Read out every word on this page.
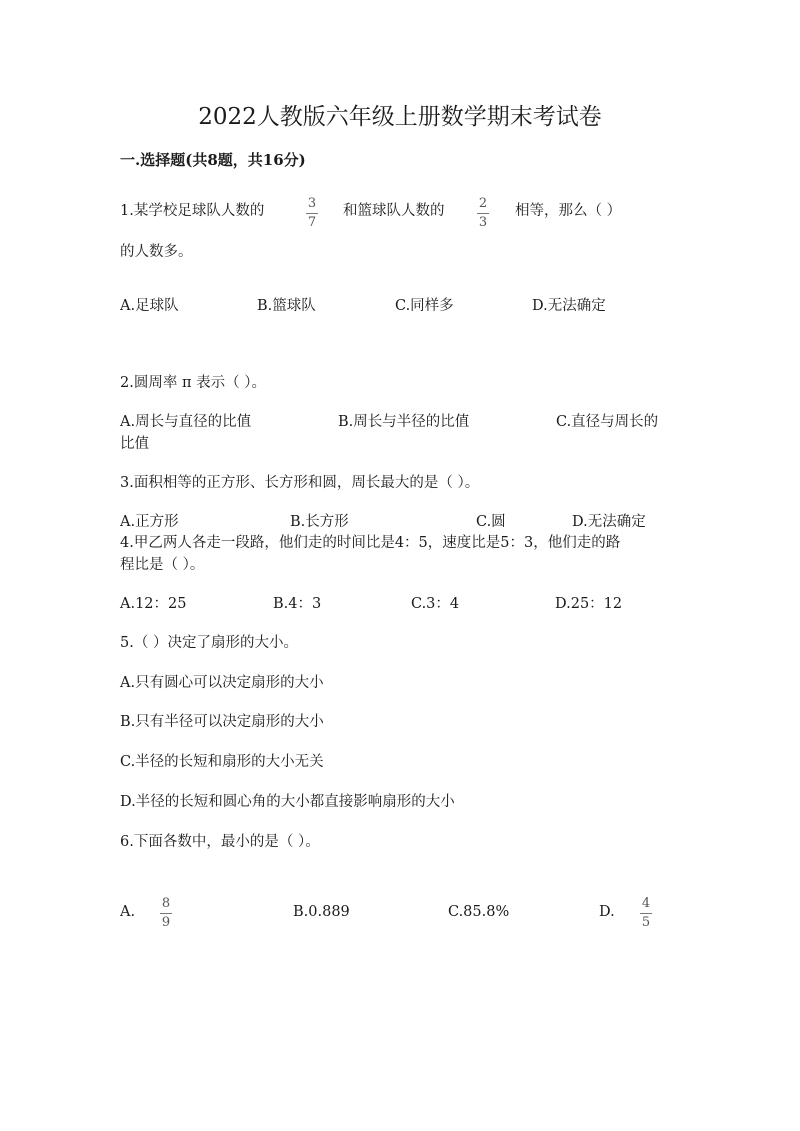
2022人教版六年级上册数学期末考试卷
一.选择题(共8题，共16分)
1.某学校足球队人数的	3
7
和篮球队人数的	2
3
相等，那么（ ）
的人数多。
A.足球队	B.篮球队	C.同样多	D.无法确定
2.圆周率 π 表示（ ）。
A.周长与直径的比值	B.周长与半径的比值	C.直径与周长的
比值
3.面积相等的正方形、长方形和圆，周长最大的是（ ）。
A.正方形	B.长方形	C.圆	D.无法确定
4.甲乙两人各走一段路，他们走的时间比是4：5，速度比是5：3，他们走的路
程比是（ ）。
A.12：25	B.4：3	C.3：4	D.25：12
5.（ ）决定了扇形的大小。
A.只有圆心可以决定扇形的大小
B.只有半径可以决定扇形的大小
C.半径的长短和扇形的大小无关
D.半径的长短和圆心角的大小都直接影响扇形的大小
6.下面各数中，最小的是（ ）。
A.
8
9
B.0.889	C.85.8%	D.
4
5
